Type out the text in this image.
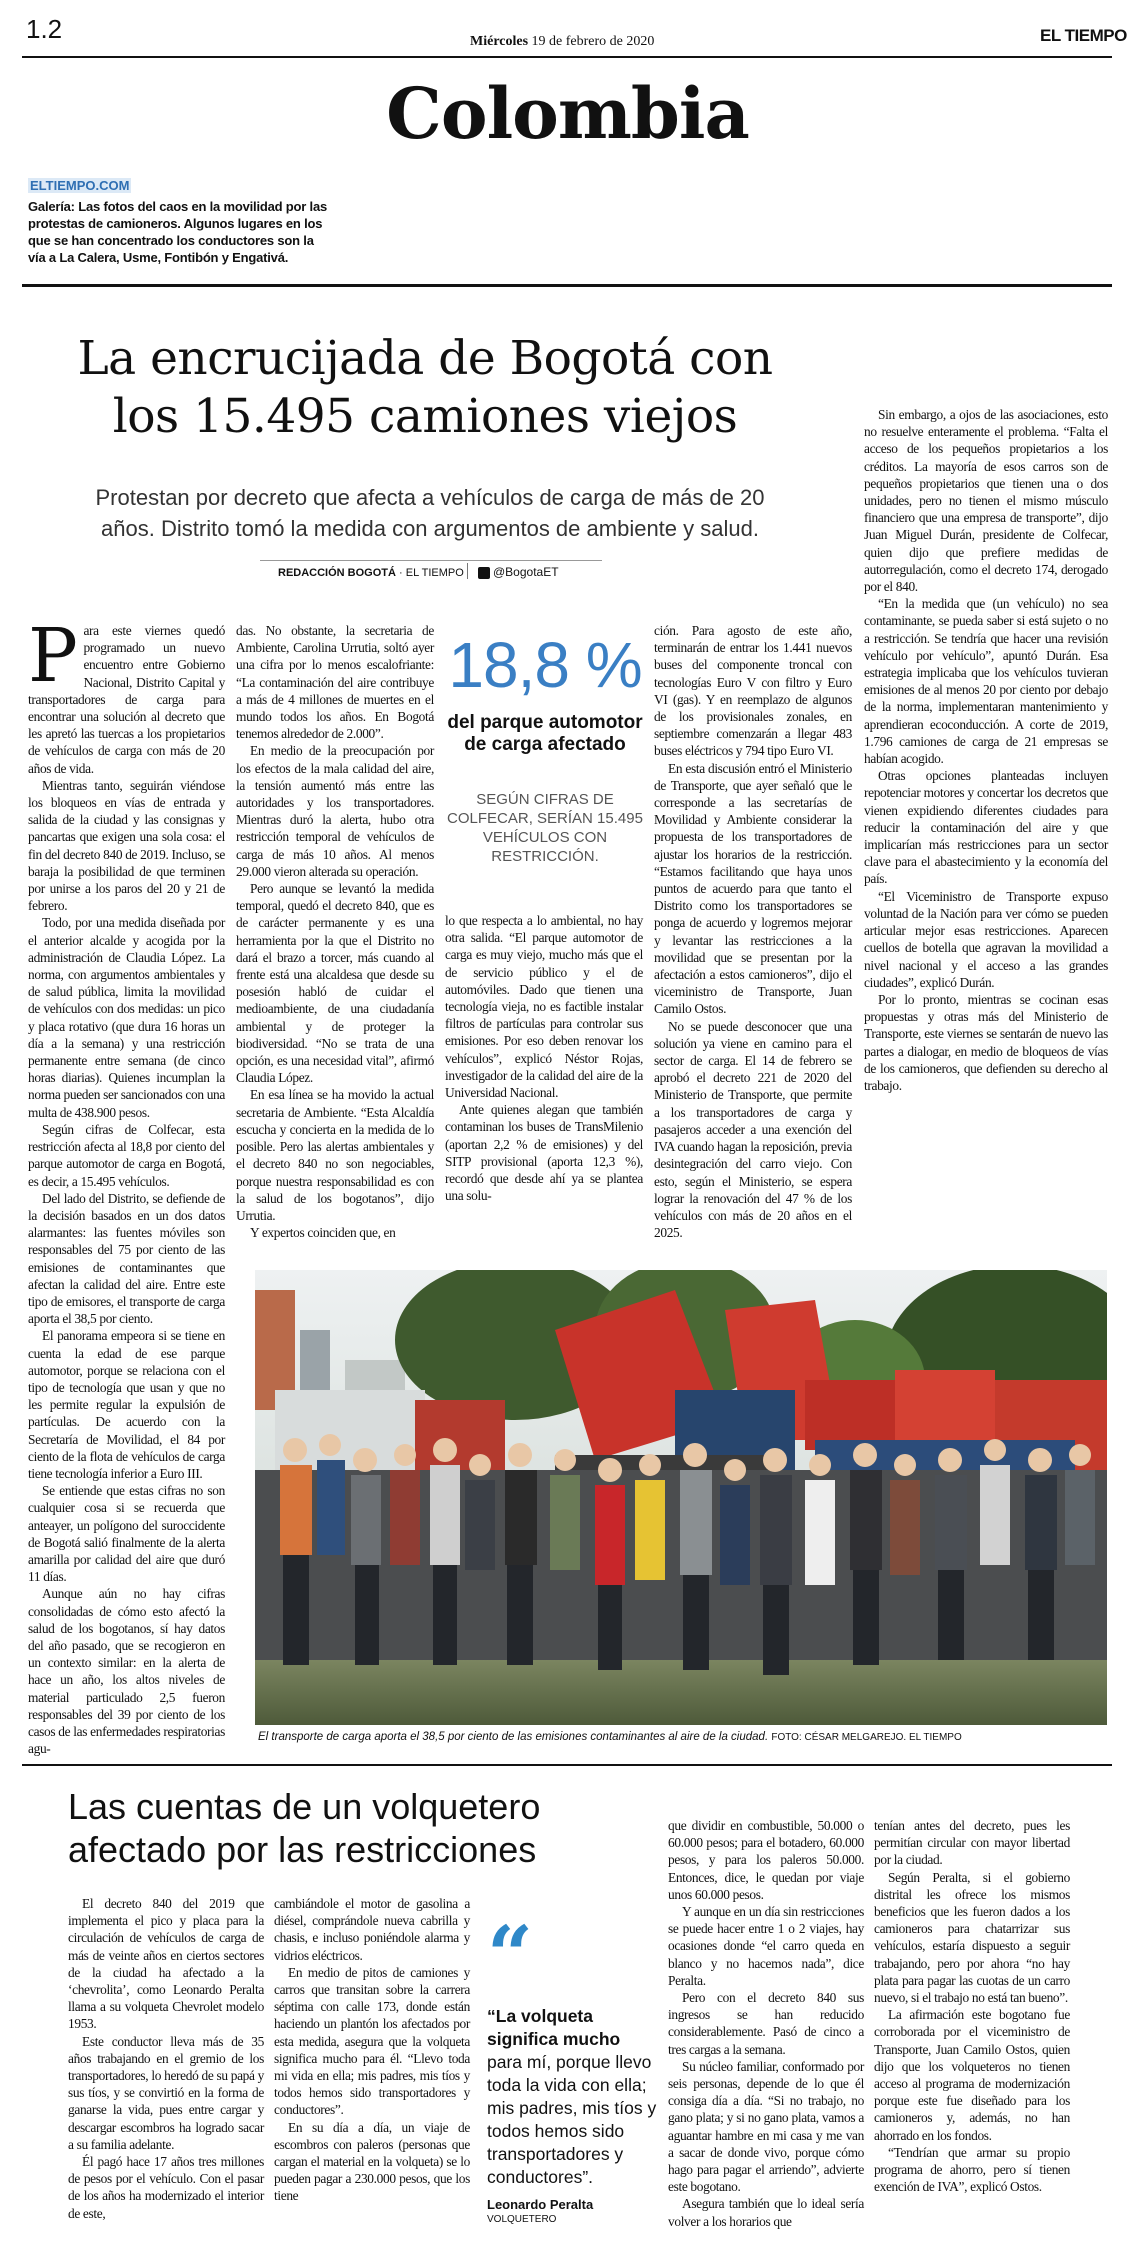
1.2	Miércoles 19 de febrero de 2020	EL TIEMPO
Colombia
ELTIEMPO.COM
Galería: Las fotos del caos en la movilidad por las protestas de camioneros. Algunos lugares en los que se han concentrado los conductores son la vía a La Calera, Usme, Fontibón y Engativá.
La encrucijada de Bogotá con
los 15.495 camiones viejos
Protestan por decreto que afecta a vehículos de carga de más de 20 años. Distrito tomó la medida con argumentos de ambiente y salud.
REDACCIÓN BOGOTÁ · EL TIEMPO	@BogotaET
P ara este viernes quedó programado un nuevo encuentro entre Gobierno Nacional, Distrito Capital y transportadores de carga para encontrar una solución al decreto que les apretó las tuercas a los propietarios de vehículos de carga con más de 20 años de vida.

Mientras tanto, seguirán viéndose los bloqueos en vías de entrada y salida de la ciudad y las consignas y pancartas que exigen una sola cosa: el fin del decreto 840 de 2019. Incluso, se baraja la posibilidad de que terminen por unirse a los paros del 20 y 21 de febrero.

Todo, por una medida diseñada por el anterior alcalde y acogida por la administración de Claudia López. La norma, con argumentos ambientales y de salud pública, limita la movilidad de vehículos con dos medidas: un pico y placa rotativo (que dura 16 horas un día a la semana) y una restricción permanente entre semana (de cinco horas diarias). Quienes incumplan la norma pueden ser sancionados con una multa de 438.900 pesos.

Según cifras de Colfecar, esta restricción afecta al 18,8 por ciento del parque automotor de carga en Bogotá, es decir, a 15.495 vehículos.

Del lado del Distrito, se defiende de la decisión basados en un dos datos alarmantes: las fuentes móviles son responsables del 75 por ciento de las emisiones de contaminantes que afectan la calidad del aire. Entre este tipo de emisores, el transporte de carga aporta el 38,5 por ciento.

El panorama empeora si se tiene en cuenta la edad de ese parque automotor, porque se relaciona con el tipo de tecnología que usan y que no les permite regular la expulsión de partículas. De acuerdo con la Secretaría de Movilidad, el 84 por ciento de la flota de vehículos de carga tiene tecnología inferior a Euro III.

Se entiende que estas cifras no son cualquier cosa si se recuerda que anteayer, un polígono del suroccidente de Bogotá salió finalmente de la alerta amarilla por calidad del aire que duró 11 días.

Aunque aún no hay cifras consolidadas de cómo esto afectó la salud de los bogotanos, sí hay datos del año pasado, que se recogieron en un contexto similar: en la alerta de hace un año, los altos niveles de material particulado 2,5 fueron responsables del 39 por ciento de los casos de las enfermedades respiratorias agu-

das. No obstante, la secretaria de Ambiente, Carolina Urrutia, soltó ayer una cifra por lo menos escalofriante: “La contaminación del aire contribuye a más de 4 millones de muertes en el mundo todos los años. En Bogotá tenemos alrededor de 2.000”.

En medio de la preocupación por los efectos de la mala calidad del aire, la tensión aumentó más entre las autoridades y los transportadores. Mientras duró la alerta, hubo otra restricción temporal de vehículos de carga de más 10 años. Al menos 29.000 vieron alterada su operación.

Pero aunque se levantó la medida temporal, quedó el decreto 840, que es de carácter permanente y es una herramienta por la que el Distrito no dará el brazo a torcer, más cuando al frente está una alcaldesa que desde su posesión habló de cuidar el medioambiente, de una ciudadanía ambiental y de proteger la biodiversidad. “No se trata de una opción, es una necesidad vital”, afirmó Claudia López.

En esa línea se ha movido la actual secretaria de Ambiente. “Esta Alcaldía escucha y concierta en la medida de lo posible. Pero las alertas ambientales y el decreto 840 no son negociables, porque nuestra responsabilidad es con la salud de los bogotanos”, dijo Urrutia.

Y expertos coinciden que, en

18,8 %
del parque automotor de carga afectado
SEGÚN CIFRAS DE COLFECAR, SERÍAN 15.495 VEHÍCULOS CON RESTRICCIÓN.

lo que respecta a lo ambiental, no hay otra salida. “El parque automotor de carga es muy viejo, mucho más que el de servicio público y el de automóviles. Dado que tienen una tecnología vieja, no es factible instalar filtros de partículas para controlar sus emisiones. Por eso deben renovar los vehículos”, explicó Néstor Rojas, investigador de la calidad del aire de la Universidad Nacional.

Ante quienes alegan que también contaminan los buses de TransMilenio (aportan 2,2 % de emisiones) y del SITP provisional (aporta 12,3 %), recordó que desde ahí ya se plantea una solu-

ción. Para agosto de este año, terminarán de entrar los 1.441 nuevos buses del componente troncal con tecnologías Euro V con filtro y Euro VI (gas). Y en reemplazo de algunos de los provisionales zonales, en septiembre comenzarán a llegar 483 buses eléctricos y 794 tipo Euro VI.

En esta discusión entró el Ministerio de Transporte, que ayer señaló que le corresponde a las secretarías de Movilidad y Ambiente considerar la propuesta de los transportadores de ajustar los horarios de la restricción. “Estamos facilitando que haya unos puntos de acuerdo para que tanto el Distrito como los transportadores se ponga de acuerdo y logremos mejorar y levantar las restricciones a la movilidad que se presentan por la afectación a estos camioneros”, dijo el viceministro de Transporte, Juan Camilo Ostos.

No se puede desconocer que una solución ya viene en camino para el sector de carga. El 14 de febrero se aprobó el decreto 221 de 2020 del Ministerio de Transporte, que permite a los transportadores de carga y pasajeros acceder a una exención del IVA cuando hagan la reposición, previa desintegración del carro viejo. Con esto, según el Ministerio, se espera lograr la renovación del 47 % de los vehículos con más de 20 años en el 2025.

Sin embargo, a ojos de las asociaciones, esto no resuelve enteramente el problema. “Falta el acceso de los pequeños propietarios a los créditos. La mayoría de esos carros son de pequeños propietarios que tienen una o dos unidades, pero no tienen el mismo músculo financiero que una empresa de transporte”, dijo Juan Miguel Durán, presidente de Colfecar, quien dijo que prefiere medidas de autorregulación, como el decreto 174, derogado por el 840.

“En la medida que (un vehículo) no sea contaminante, se pueda saber si está sujeto o no a restricción. Se tendría que hacer una revisión vehículo por vehículo”, apuntó Durán. Esa estrategia implicaba que los vehículos tuvieran emisiones de al menos 20 por ciento por debajo de la norma, implementaran mantenimiento y aprendieran ecoconducción. A corte de 2019, 1.796 camiones de carga de 21 empresas se habían acogido.

Otras opciones planteadas incluyen repotenciar motores y concertar los decretos que vienen expidiendo diferentes ciudades para reducir la contaminación del aire y que implicarían más restricciones para un sector clave para el abastecimiento y la economía del país.

“El Viceministro de Transporte expuso voluntad de la Nación para ver cómo se pueden articular mejor esas restricciones. Aparecen cuellos de botella que agravan la movilidad a nivel nacional y el acceso a las grandes ciudades”, explicó Durán.

Por lo pronto, mientras se cocinan esas propuestas y otras más del Ministerio de Transporte, este viernes se sentarán de nuevo las partes a dialogar, en medio de bloqueos de vías de los camioneros, que defienden su derecho al trabajo.

El transporte de carga aporta el 38,5 por ciento de las emisiones contaminantes al aire de la ciudad. FOTO: CÉSAR MELGAREJO. EL TIEMPO
Las cuentas de un volquetero
afectado por las restricciones

El decreto 840 del 2019 que implementa el pico y placa para la circulación de vehículos de carga de más de veinte años en ciertos sectores de la ciudad ha afectado a la ‘chevrolita’, como Leonardo Peralta llama a su volqueta Chevrolet modelo 1953.

Este conductor lleva más de 35 años trabajando en el gremio de los transportadores, lo heredó de su papá y sus tíos, y se convirtió en la forma de ganarse la vida, pues entre cargar y descargar escombros ha logrado sacar a su familia adelante.

Él pagó hace 17 años tres millones de pesos por el vehículo. Con el pasar de los años ha modernizado el interior de este,

cambiándole el motor de gasolina a diésel, comprándole nueva cabrilla y chasis, e incluso poniéndole alarma y vidrios eléctricos.

En medio de pitos de camiones y carros que transitan sobre la carrera séptima con calle 173, donde están haciendo un plantón los afectados por esta medida, asegura que la volqueta significa mucho para él. “Llevo toda mi vida en ella; mis padres, mis tíos y todos hemos sido transportadores y conductores”.

En su día a día, un viaje de escombros con paleros (personas que cargan el material en la volqueta) se lo pueden pagar a 230.000 pesos, que los tiene

“
“La volqueta significa mucho para mí, porque llevo toda la vida con ella; mis padres, mis tíos y todos hemos sido transportadores y conductores”.
Leonardo Peralta
VOLQUETERO

que dividir en combustible, 50.000 o 60.000 pesos; para el botadero, 60.000 pesos, y para los paleros 50.000. Entonces, dice, le quedan por viaje unos 60.000 pesos.

Y aunque en un día sin restricciones se puede hacer entre 1 o 2 viajes, hay ocasiones donde “el carro queda en blanco y no hacemos nada”, dice Peralta.

Pero con el decreto 840 sus ingresos se han reducido considerablemente. Pasó de cinco a tres cargas a la semana.

Su núcleo familiar, conformado por seis personas, depende de lo que él consiga día a día. “Si no trabajo, no gano plata; y si no gano plata, vamos a aguantar hambre en mi casa y me van a sacar de donde vivo, porque cómo hago para pagar el arriendo”, advierte este bogotano.

Asegura también que lo ideal sería volver a los horarios que

tenían antes del decreto, pues les permitían circular con mayor libertad por la ciudad.

Según Peralta, si el gobierno distrital les ofrece los mismos beneficios que les fueron dados a los camioneros para chatarrizar sus vehículos, estaría dispuesto a seguir trabajando, pero por ahora “no hay plata para pagar las cuotas de un carro nuevo, si el trabajo no está tan bueno”.

La afirmación este bogotano fue corroborada por el viceministro de Transporte, Juan Camilo Ostos, quien dijo que los volqueteros no tienen acceso al programa de modernización porque este fue diseñado para los camioneros y, además, no han ahorrado en los fondos.

“Tendrían que armar su propio programa de ahorro, pero sí tienen exención de IVA”, explicó Ostos.
